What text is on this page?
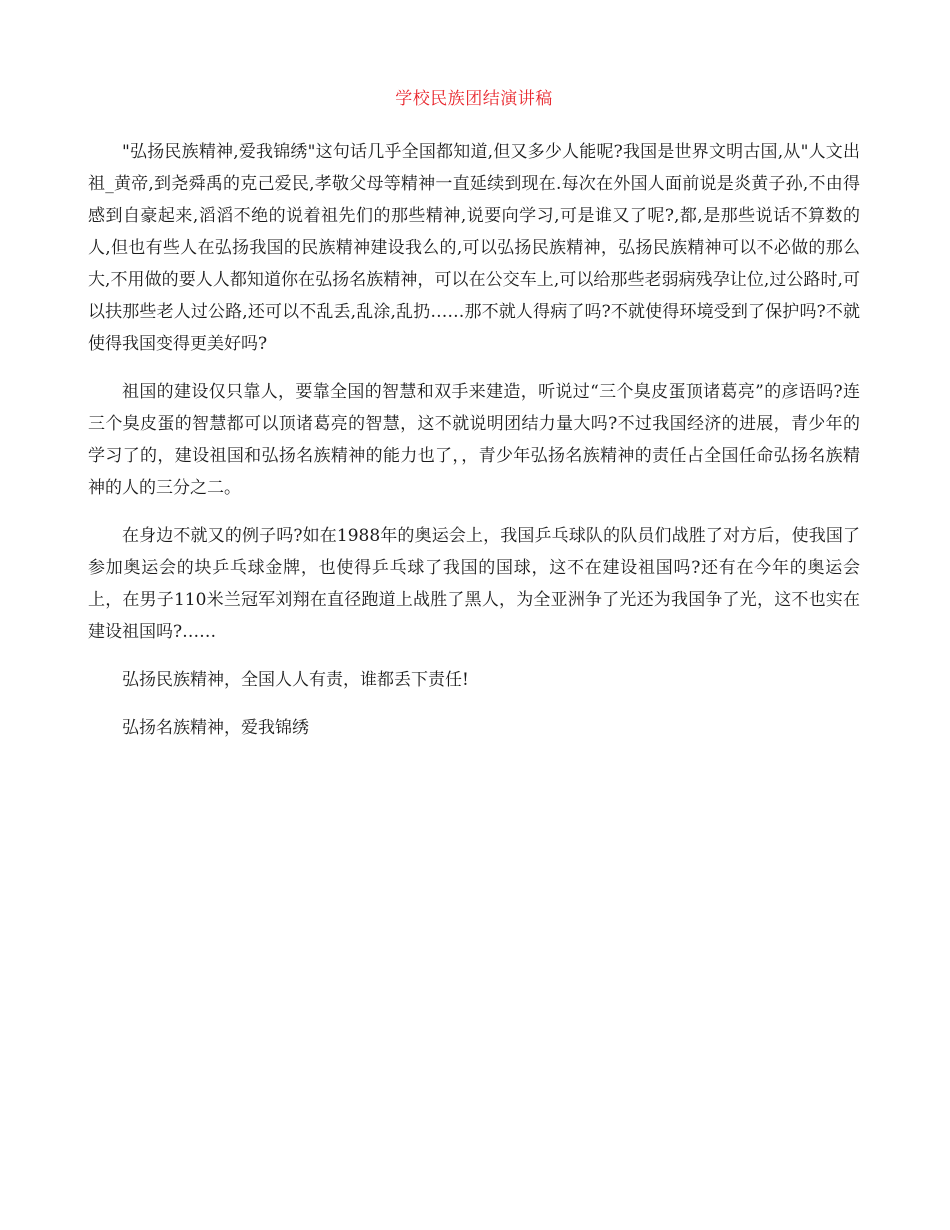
学校民族团结演讲稿

"弘扬民族精神,爱我锦绣"这句话几乎全国都知道,但又多少人能呢?我国是世界文明古国,从"人文出祖_黄帝,到尧舜禹的克己爱民,孝敬父母等精神一直延续到现在.每次在外国人面前说是炎黄子孙,不由得感到自豪起来,滔滔不绝的说着祖先们的那些精神,说要向学习,可是谁又了呢?,都,是那些说话不算数的人,但也有些人在弘扬我国的民族精神建设我么的,可以弘扬民族精神，弘扬民族精神可以不必做的那么大,不用做的要人人都知道你在弘扬名族精神，可以在公交车上,可以给那些老弱病残孕让位,过公路时,可以扶那些老人过公路,还可以不乱丢,乱涂,乱扔……那不就人得病了吗?不就使得环境受到了保护吗?不就使得我国变得更美好吗?

祖国的建设仅只靠人，要靠全国的智慧和双手来建造，听说过“三个臭皮蛋顶诸葛亮”的彦语吗?连三个臭皮蛋的智慧都可以顶诸葛亮的智慧，这不就说明团结力量大吗?不过我国经济的进展，青少年的学习了的，建设祖国和弘扬名族精神的能力也了，，青少年弘扬名族精神的责任占全国任命弘扬名族精神的人的三分之二。

在身边不就又的例子吗?如在1988年的奥运会上，我国乒乓球队的队员们战胜了对方后，使我国了参加奥运会的块乒乓球金牌，也使得乒乓球了我国的国球，这不在建设祖国吗?还有在今年的奥运会上，在男子110米兰冠军刘翔在直径跑道上战胜了黑人，为全亚洲争了光还为我国争了光，这不也实在建设祖国吗?……

弘扬民族精神，全国人人有责，谁都丢下责任!

弘扬名族精神，爱我锦绣
